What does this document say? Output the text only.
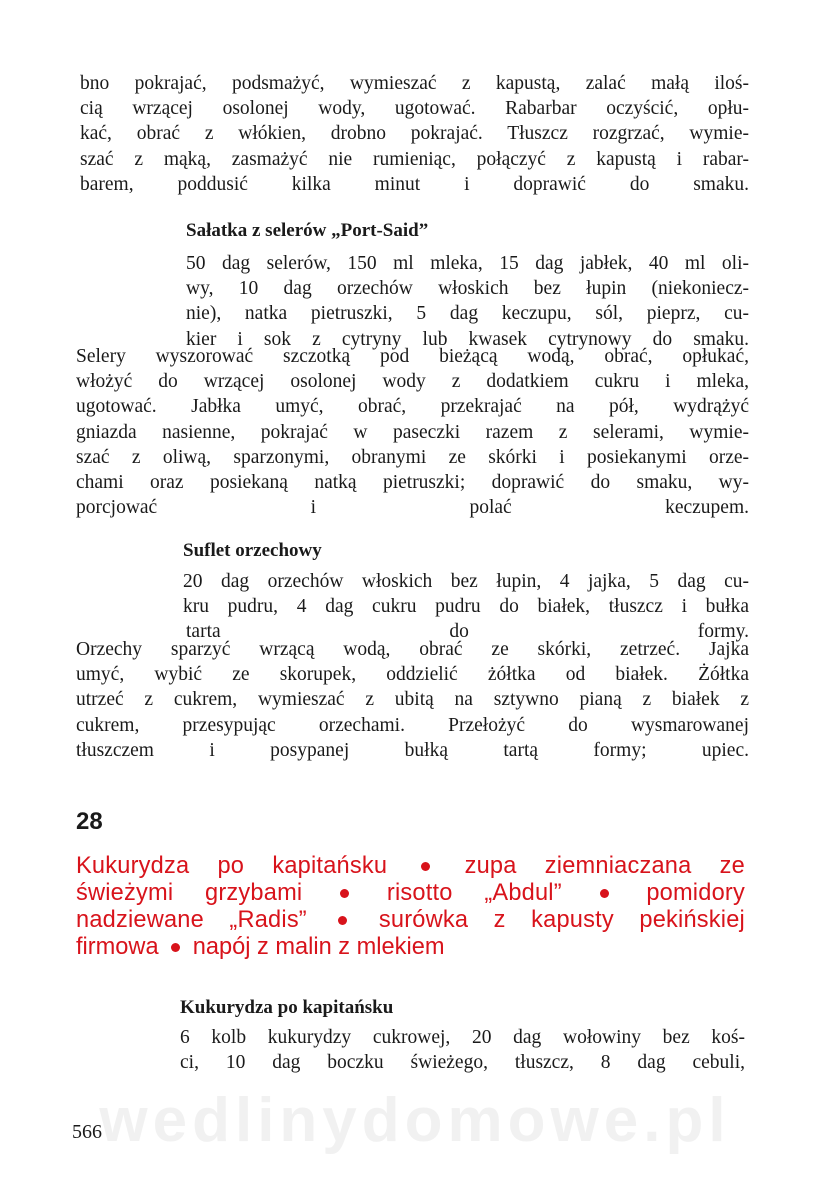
bno pokrajać, podsmażyć, wymieszać z kapustą, zalać małą iloś-
cią wrzącej osolonej wody, ugotować. Rabarbar oczyścić, opłu-
kać, obrać z włókien, drobno pokrajać. Tłuszcz rozgrzać, wymie-
szać z mąką, zasmażyć nie rumieniąc, połączyć z kapustą i rabar-
barem, poddusić kilka minut i doprawić do smaku.
Sałatka z selerów „Port-Said”
50 dag selerów, 150 ml mleka, 15 dag jabłek, 40 ml oli-
wy, 10 dag orzechów włoskich bez łupin (niekoniecz-
nie), natka pietruszki, 5 dag keczupu, sól, pieprz, cu-
kier i sok z cytryny lub kwasek cytrynowy do smaku.
Selery wyszorować szczotką pod bieżącą wodą, obrać, opłukać,
włożyć do wrzącej osolonej wody z dodatkiem cukru i mleka,
ugotować. Jabłka umyć, obrać, przekrajać na pół, wydrążyć
gniazda nasienne, pokrajać w paseczki razem z selerami, wymie-
szać z oliwą, sparzonymi, obranymi ze skórki i posiekanymi orze-
chami oraz posiekaną natką pietruszki; doprawić do smaku, wy-
porcjować i polać keczupem.
Suflet orzechowy
20 dag orzechów włoskich bez łupin, 4 jajka, 5 dag cu-
kru pudru, 4 dag cukru pudru do białek, tłuszcz i bułka
tarta do formy.
Orzechy sparzyć wrzącą wodą, obrać ze skórki, zetrzeć. Jajka
umyć, wybić ze skorupek, oddzielić żółtka od białek. Żółtka
utrzeć z cukrem, wymieszać z ubitą na sztywno pianą z białek z
cukrem, przesypując orzechami. Przełożyć do wysmarowanej
tłuszczem i posypanej bułką tartą formy; upiec.
28
Kukurydza po kapitańsku	zupa ziemniaczana ze
świeżymi grzybami	risotto „Abdul”	pomidory
nadziewane „Radis”	surówka z kapusty pekińskiej
firmowa napój z malin z mlekiem
Kukurydza po kapitańsku
6 kolb kukurydzy cukrowej, 20 dag wołowiny bez koś-
ci, 10 dag boczku świeżego, tłuszcz, 8 dag cebuli,
wedlinydomowe.pl
566
